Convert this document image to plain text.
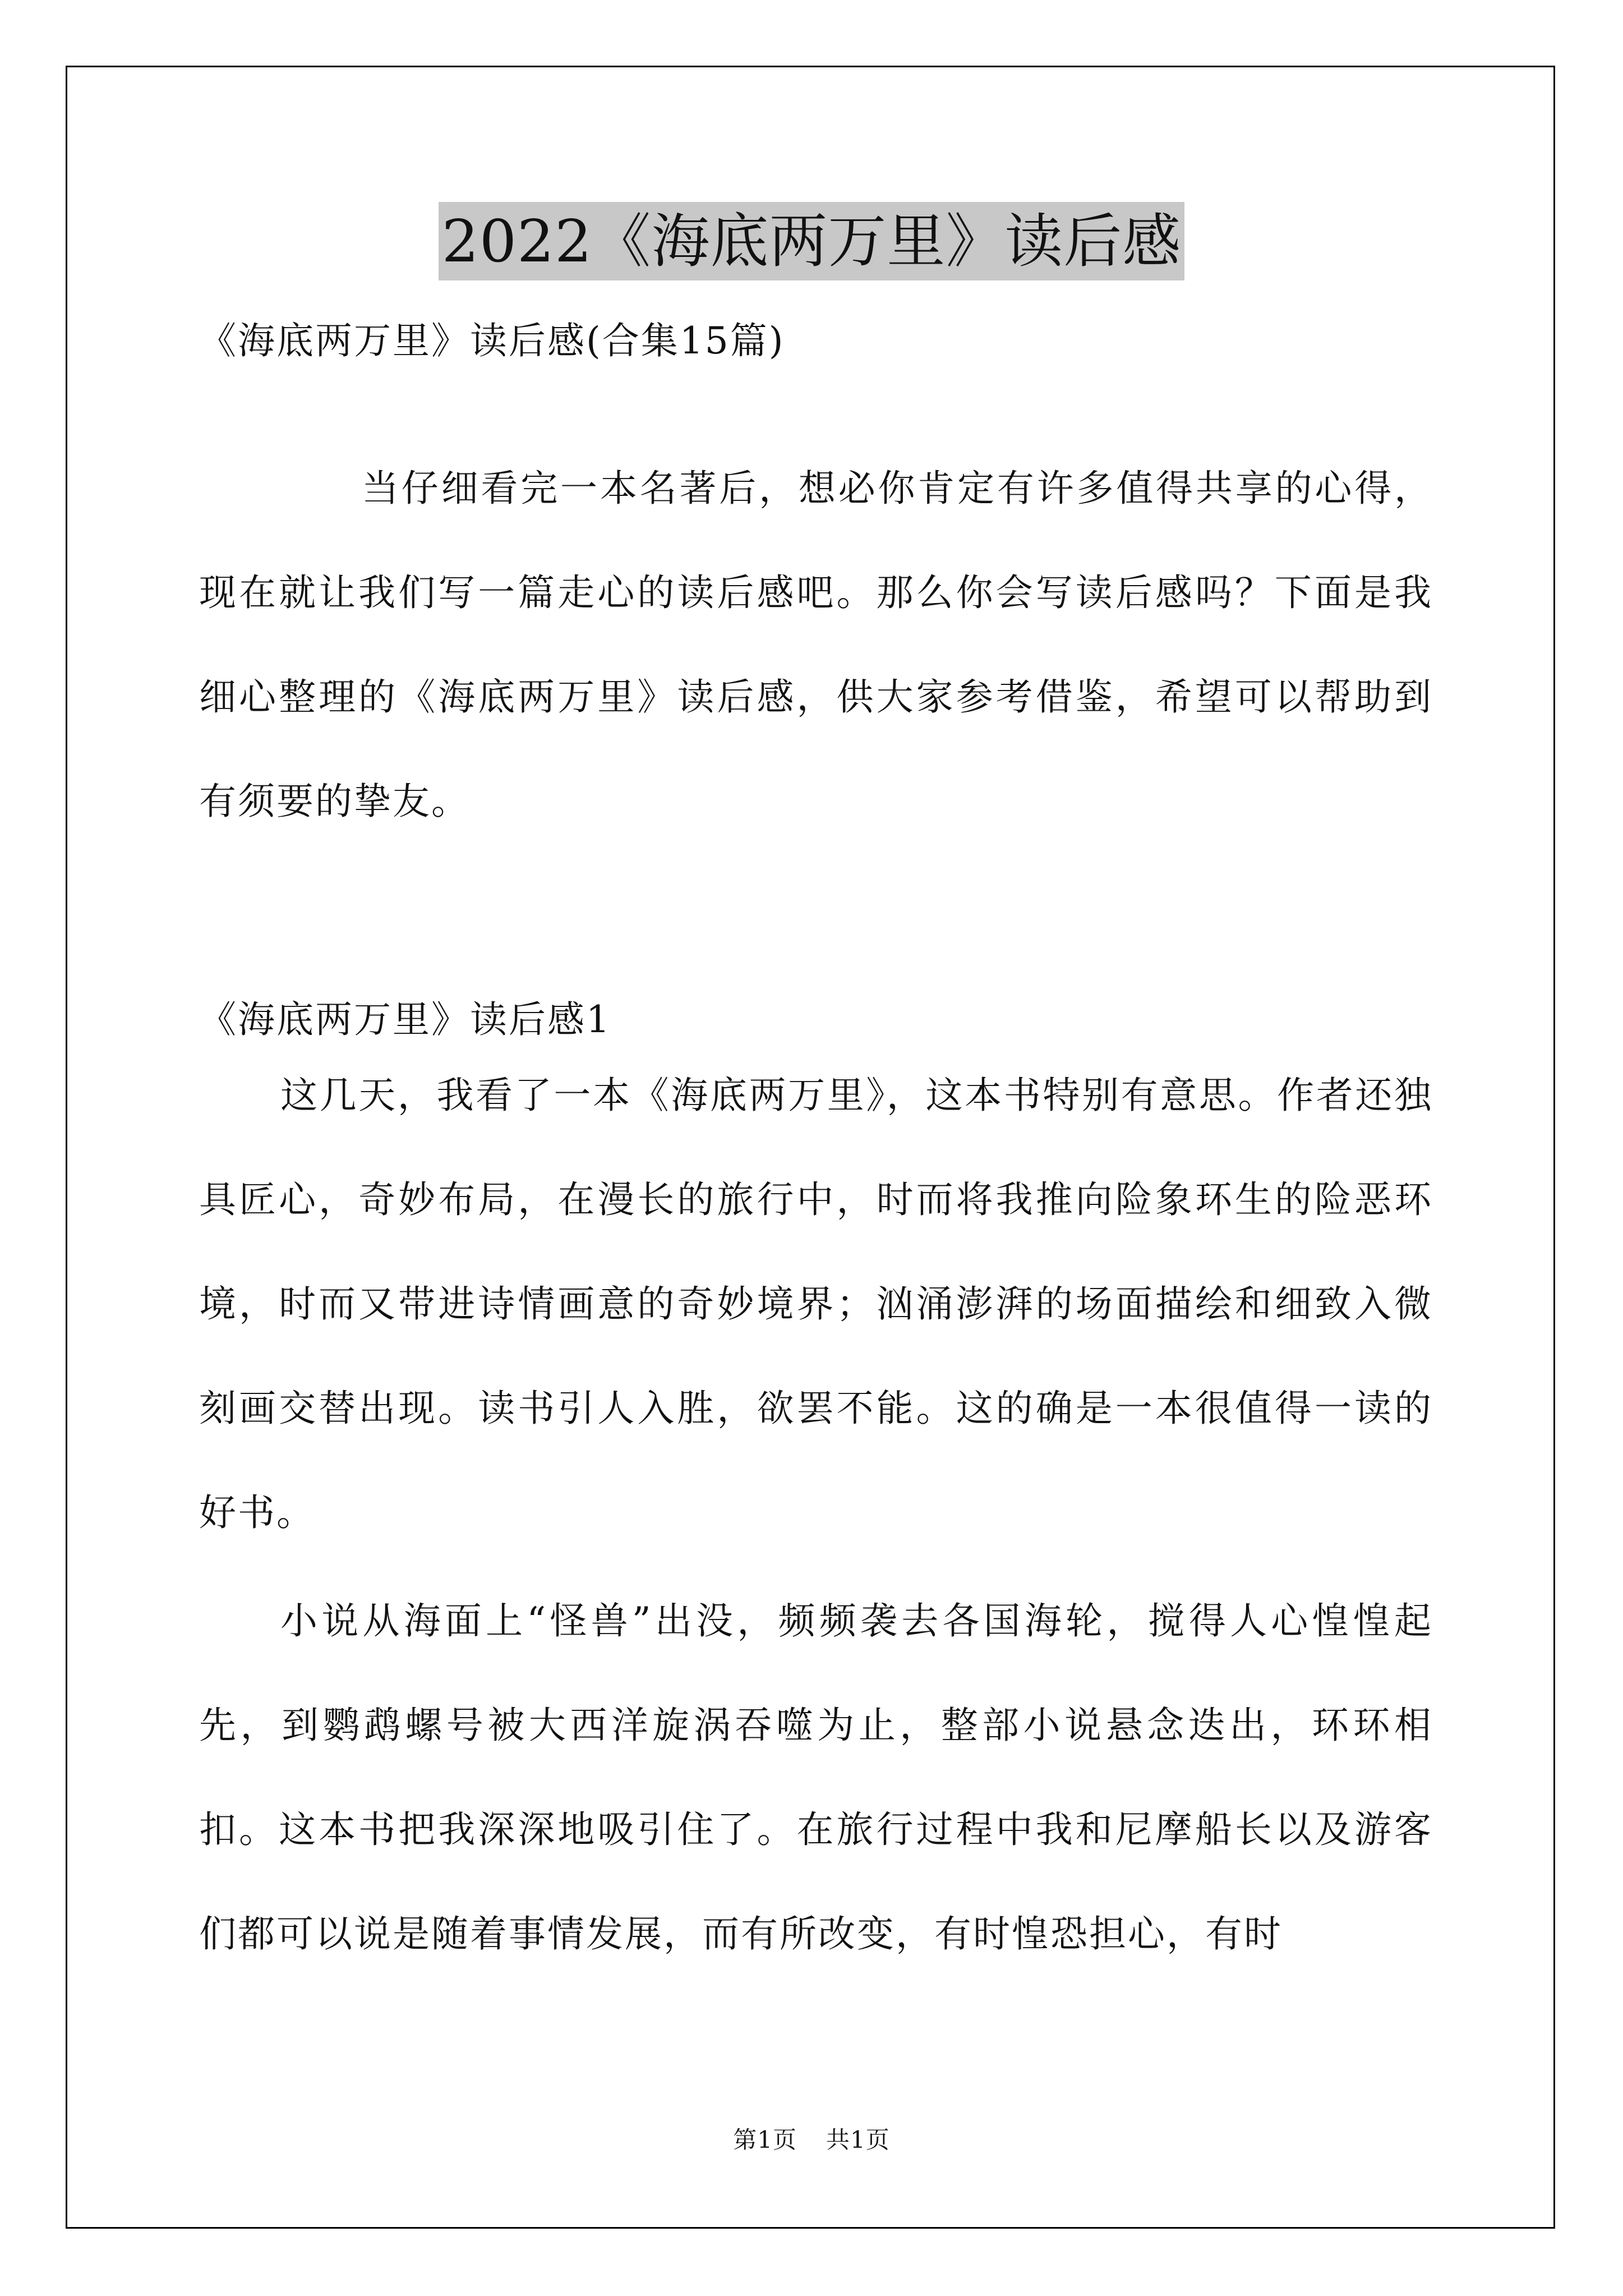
2022《海底两万里》读后感

《海底两万里》读后感(合集15篇)

当仔细看完一本名著后，想必你肯定有许多值得共享的心得，现在就让我们写一篇走心的读后感吧。那么你会写读后感吗？下面是我细心整理的《海底两万里》读后感，供大家参考借鉴，希望可以帮助到有须要的挚友。

《海底两万里》读后感1

这几天，我看了一本《海底两万里》，这本书特别有意思。作者还独具匠心，奇妙布局，在漫长的旅行中，时而将我推向险象环生的险恶环境，时而又带进诗情画意的奇妙境界；汹涌澎湃的场面描绘和细致入微刻画交替出现。读书引人入胜，欲罢不能。这的确是一本很值得一读的好书。

小说从海面上“怪兽”出没，频频袭去各国海轮，搅得人心惶惶起先，到鹦鹉螺号被大西洋旋涡吞噬为止，整部小说悬念迭出，环环相扣。这本书把我深深地吸引住了。在旅行过程中我和尼摩船长以及游客们都可以说是随着事情发展，而有所改变，有时惶恐担心，有时

第1页 共1页
